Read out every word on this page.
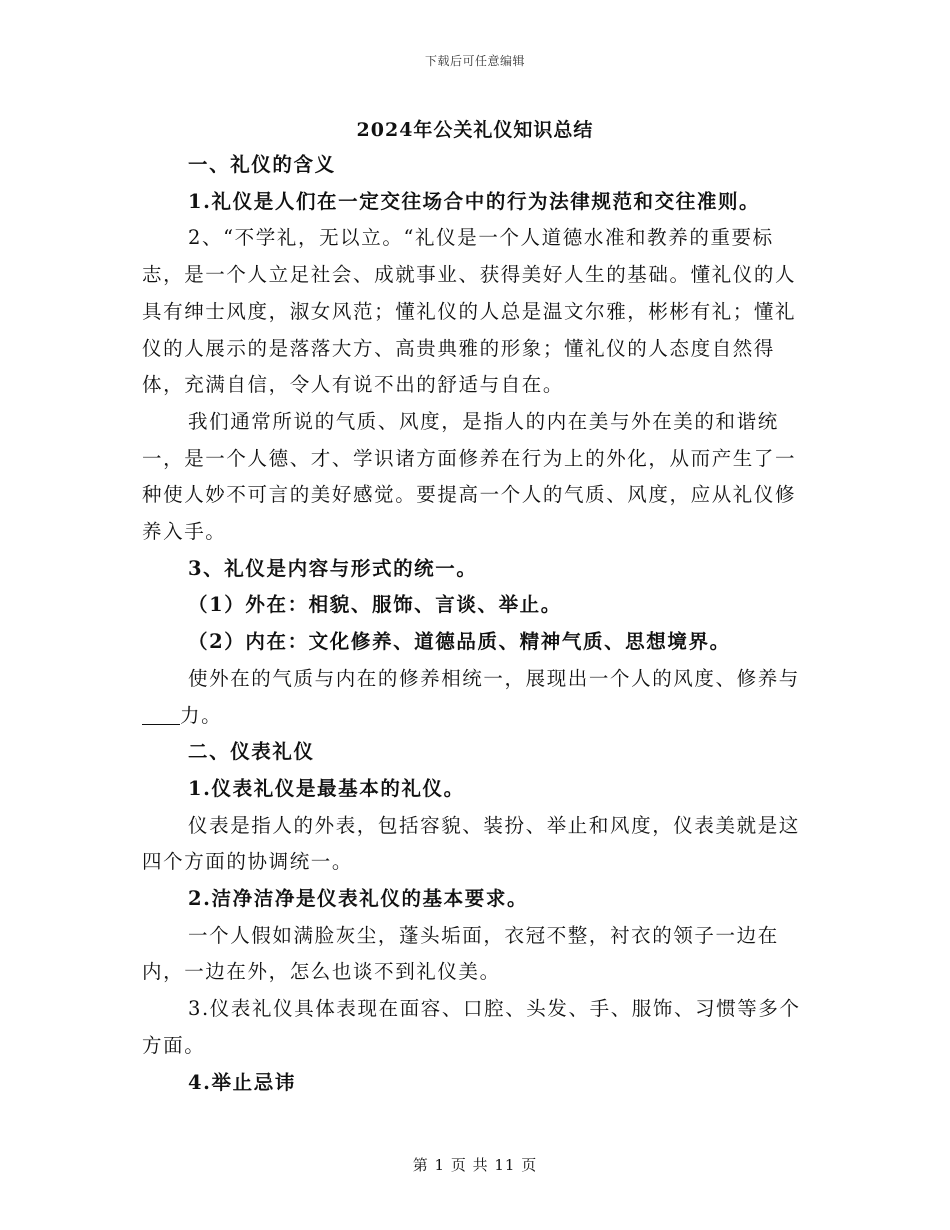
下载后可任意编辑
2024年公关礼仪知识总结

一、礼仪的含义

1.礼仪是人们在一定交往场合中的行为法律规范和交往准则。

2、“不学礼，无以立。“礼仪是一个人道德水准和教养的重要标志，是一个人立足社会、成就事业、获得美好人生的基础。懂礼仪的人具有绅士风度，淑女风范；懂礼仪的人总是温文尔雅，彬彬有礼；懂礼仪的人展示的是落落大方、高贵典雅的形象；懂礼仪的人态度自然得体，充满自信，令人有说不出的舒适与自在。

我们通常所说的气质、风度，是指人的内在美与外在美的和谐统一，是一个人德、才、学识诸方面修养在行为上的外化，从而产生了一种使人妙不可言的美好感觉。要提高一个人的气质、风度，应从礼仪修养入手。

3、礼仪是内容与形式的统一。

（1）外在：相貌、服饰、言谈、举止。

（2）内在：文化修养、道德品质、精神气质、思想境界。

使外在的气质与内在的修养相统一，展现出一个人的风度、修养与力。

二、仪表礼仪

1.仪表礼仪是最基本的礼仪。

仪表是指人的外表，包括容貌、装扮、举止和风度，仪表美就是这四个方面的协调统一。

2.洁净洁净是仪表礼仪的基本要求。

一个人假如满脸灰尘，蓬头垢面，衣冠不整，衬衣的领子一边在内，一边在外，怎么也谈不到礼仪美。

3.仪表礼仪具体表现在面容、口腔、头发、手、服饰、习惯等多个方面。

4.举止忌讳

第 1 页 共 11 页
